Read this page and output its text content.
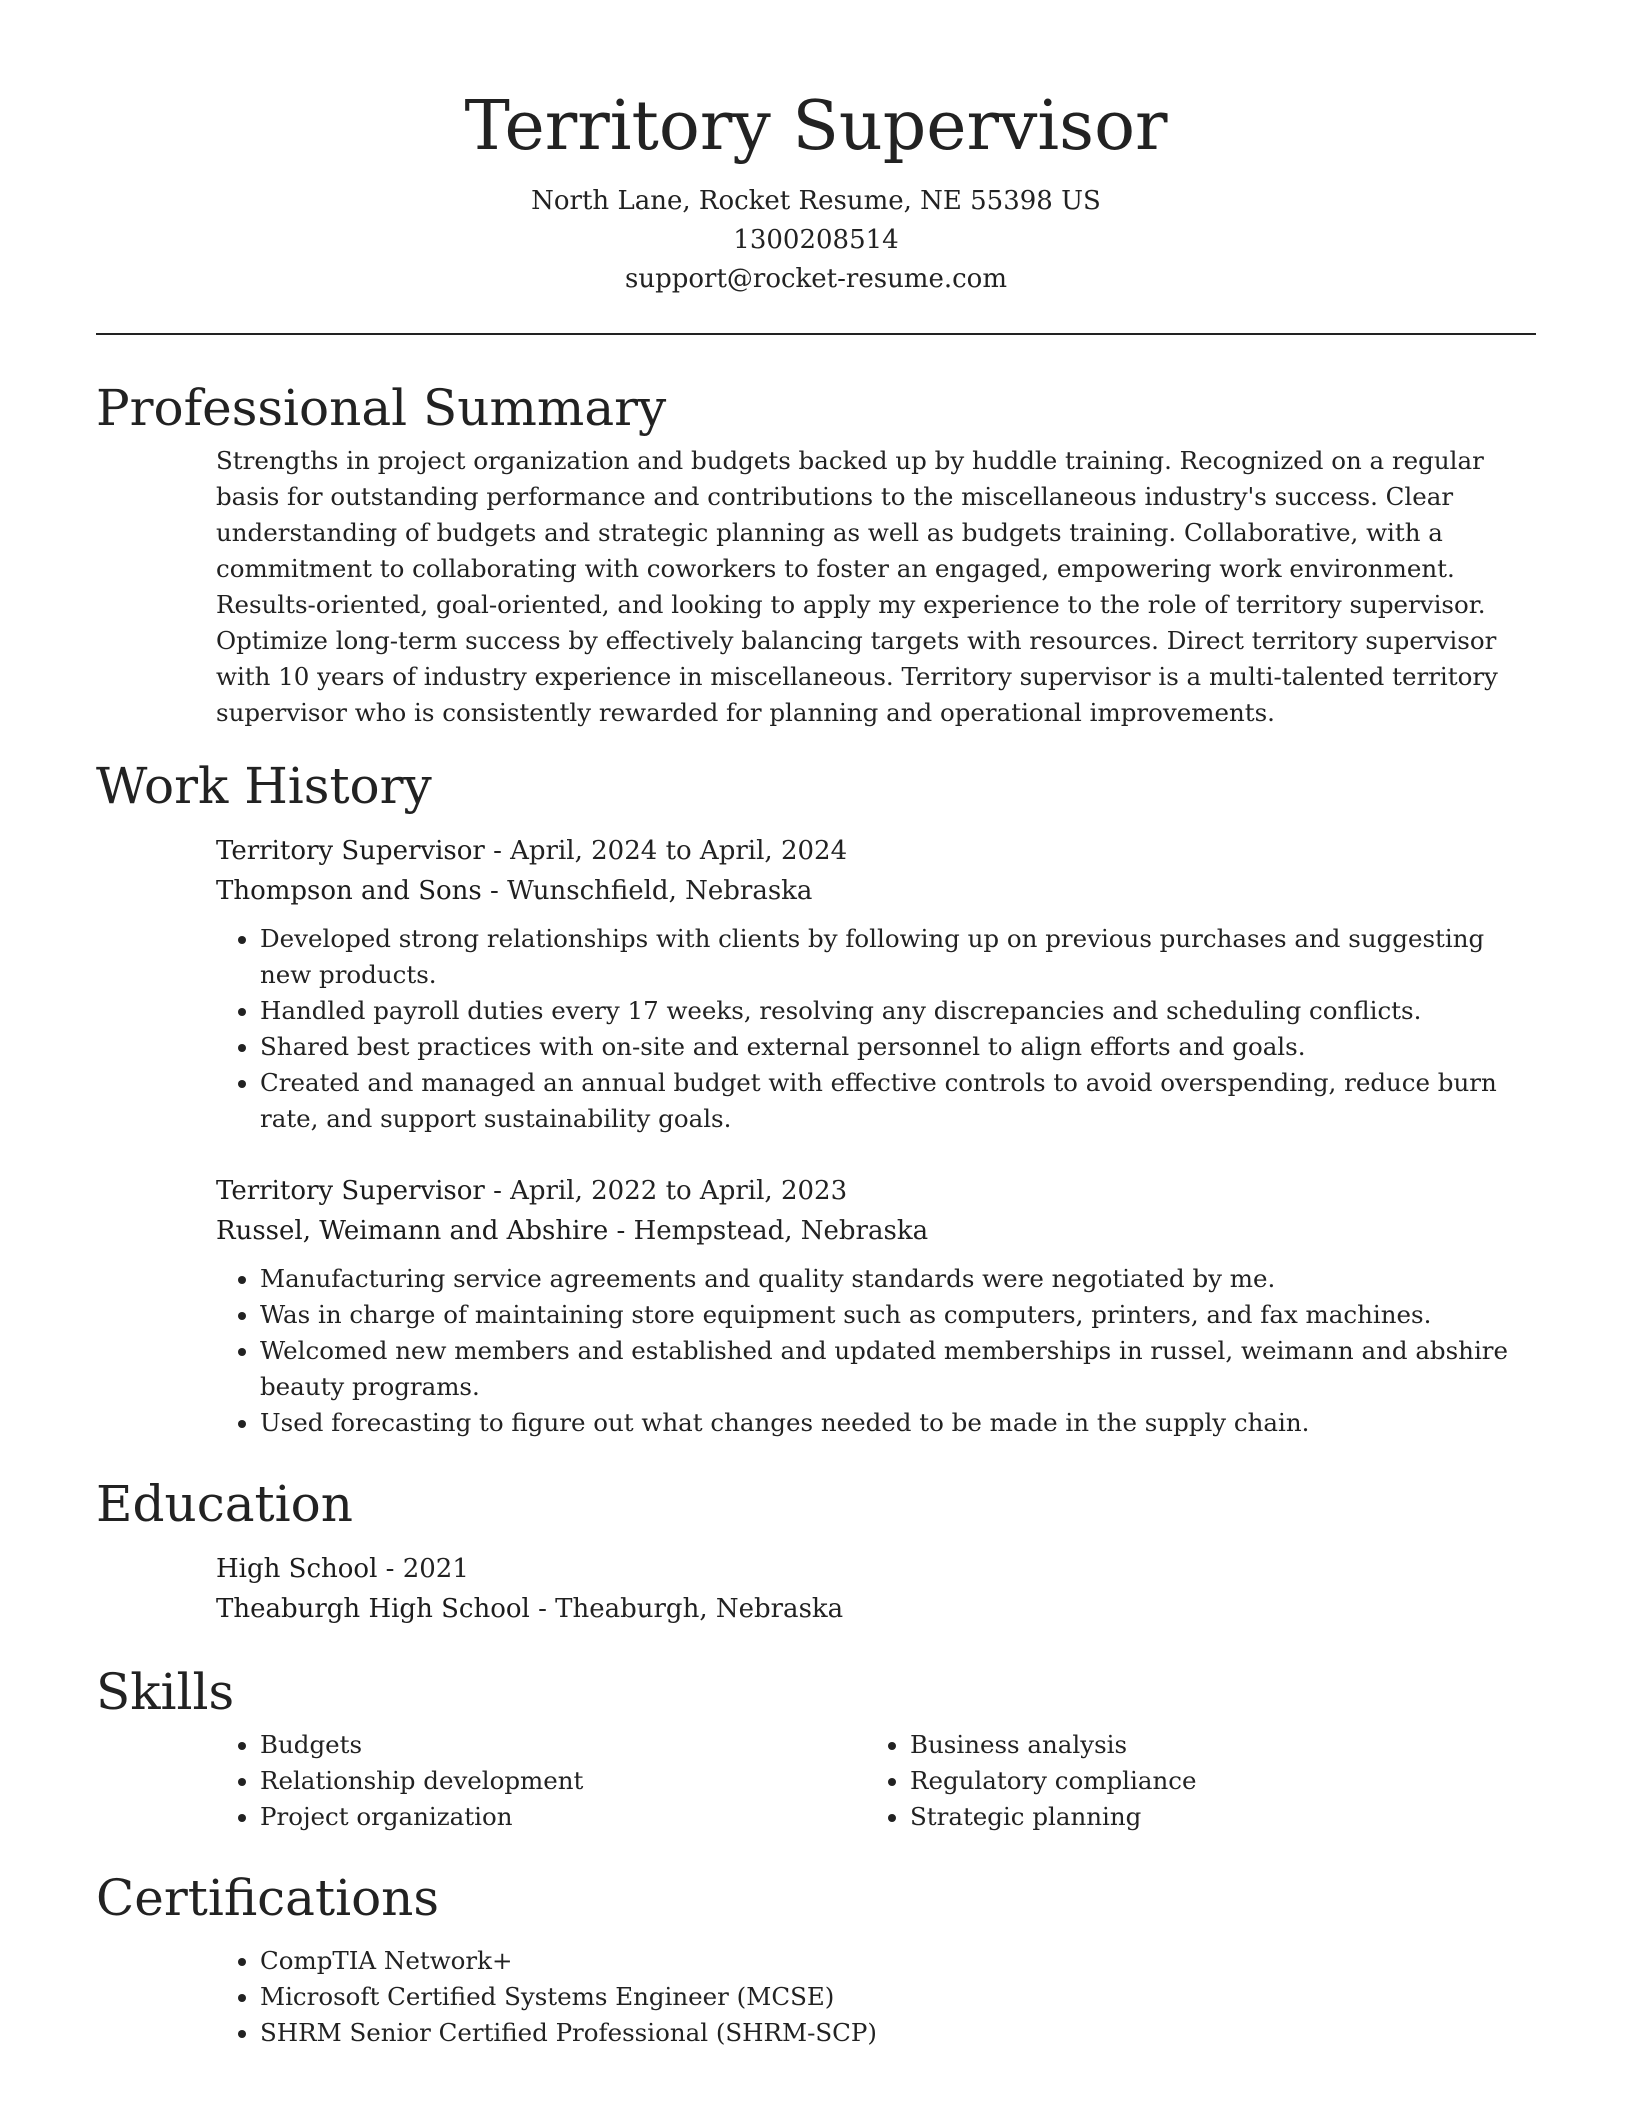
Territory Supervisor
North Lane, Rocket Resume, NE 55398 US
1300208514
support@rocket-resume.com
Professional Summary

Strengths in project organization and budgets backed up by huddle training. Recognized on a regular basis for outstanding performance and contributions to the miscellaneous industry's success. Clear understanding of budgets and strategic planning as well as budgets training. Collaborative, with a commitment to collaborating with coworkers to foster an engaged, empowering work environment. Results-oriented, goal-oriented, and looking to apply my experience to the role of territory supervisor. Optimize long-term success by effectively balancing targets with resources. Direct territory supervisor with 10 years of industry experience in miscellaneous. Territory supervisor is a multi-talented territory supervisor who is consistently rewarded for planning and operational improvements.

Work History
Territory Supervisor - April, 2024 to April, 2024
Thompson and Sons - Wunschfield, Nebraska
• Developed strong relationships with clients by following up on previous purchases and suggesting new products.
• Handled payroll duties every 17 weeks, resolving any discrepancies and scheduling conflicts.
• Shared best practices with on-site and external personnel to align efforts and goals.
• Created and managed an annual budget with effective controls to avoid overspending, reduce burn rate, and support sustainability goals.
Territory Supervisor - April, 2022 to April, 2023
Russel, Weimann and Abshire - Hempstead, Nebraska
• Manufacturing service agreements and quality standards were negotiated by me.
• Was in charge of maintaining store equipment such as computers, printers, and fax machines.
• Welcomed new members and established and updated memberships in russel, weimann and abshire beauty programs.
• Used forecasting to figure out what changes needed to be made in the supply chain.
Education
High School - 2021
Theaburgh High School - Theaburgh, Nebraska
Skills
• Budgets
• Relationship development
• Project organization
• Business analysis
• Regulatory compliance
• Strategic planning
Certifications
• CompTIA Network+
• Microsoft Certified Systems Engineer (MCSE)
• SHRM Senior Certified Professional (SHRM-SCP)
